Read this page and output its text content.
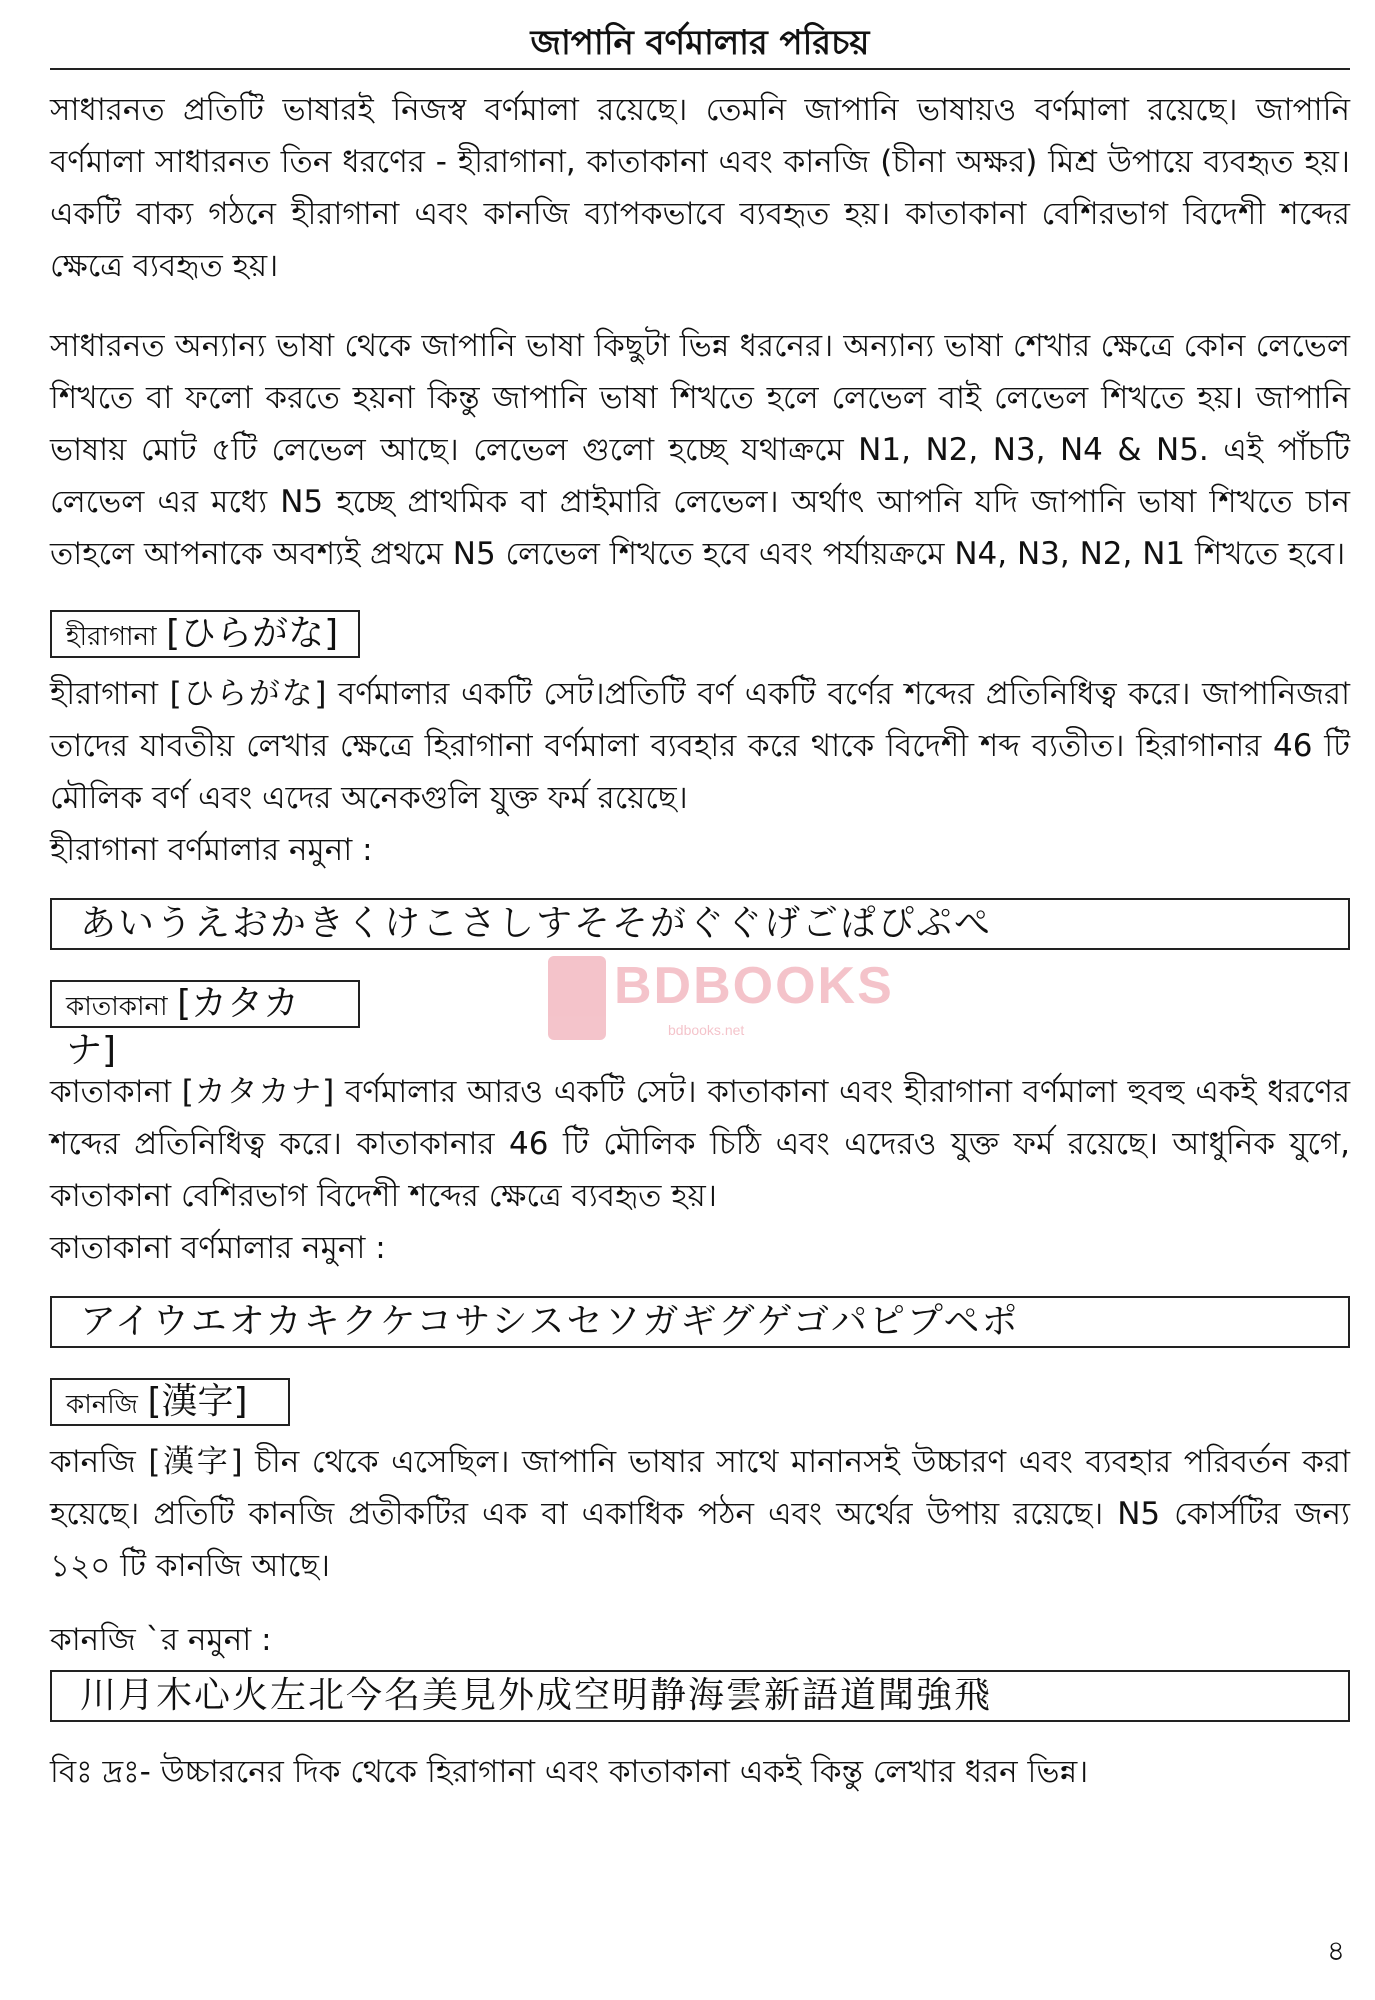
জাপানি বর্ণমালার পরিচয়

সাধারনত প্রতিটি ভাষারই নিজস্ব বর্ণমালা রয়েছে। তেমনি জাপানি ভাষায়ও বর্ণমালা রয়েছে। জাপানি বর্ণমালা সাধারনত তিন ধরণের - হীরাগানা, কাতাকানা এবং কানজি (চীনা অক্ষর) মিশ্র উপায়ে ব্যবহৃত হয়। একটি বাক্য গঠনে হীরাগানা এবং কানজি ব্যাপকভাবে ব্যবহৃত হয়। কাতাকানা বেশিরভাগ বিদেশী শব্দের ক্ষেত্রে ব্যবহৃত হয়।

সাধারনত অন্যান্য ভাষা থেকে জাপানি ভাষা কিছুটা ভিন্ন ধরনের। অন্যান্য ভাষা শেখার ক্ষেত্রে কোন লেভেল শিখতে বা ফলো করতে হয়না কিন্তু জাপানি ভাষা শিখতে হলে লেভেল বাই লেভেল শিখতে হয়। জাপানি ভাষায় মোট ৫টি লেভেল আছে। লেভেল গুলো হচ্ছে যথাক্রমে N1, N2, N3, N4 & N5. এই পাঁচটি লেভেল এর মধ্যে N5 হচ্ছে প্রাথমিক বা প্রাইমারি লেভেল। অর্থাৎ আপনি যদি জাপানি ভাষা শিখতে চান তাহলে আপনাকে অবশ্যই প্রথমে N5 লেভেল শিখতে হবে এবং পর্যায়ক্রমে N4, N3, N2, N1 শিখতে হবে।

হীরাগানা [ひらがな]

হীরাগানা [ひらがな] বর্ণমালার একটি সেট।প্রতিটি বর্ণ একটি বর্ণের শব্দের প্রতিনিধিত্ব করে। জাপানিজরা তাদের যাবতীয় লেখার ক্ষেত্রে হিরাগানা বর্ণমালা ব্যবহার করে থাকে বিদেশী শব্দ ব্যতীত। হিরাগানার 46 টি মৌলিক বর্ণ এবং এদের অনেকগুলি যুক্ত ফর্ম রয়েছে।

হীরাগানা বর্ণমালার নমুনা :
あいうえおかきくけこさしすそそがぐぐげごぱぴぷぺ
কাতাকানা [カタカナ]

কাতাকানা [カタカナ] বর্ণমালার আরও একটি সেট। কাতাকানা এবং হীরাগানা বর্ণমালা হুবহু একই ধরণের শব্দের প্রতিনিধিত্ব করে। কাতাকানার 46 টি মৌলিক চিঠি এবং এদেরও যুক্ত ফর্ম রয়েছে। আধুনিক যুগে, কাতাকানা বেশিরভাগ বিদেশী শব্দের ক্ষেত্রে ব্যবহৃত হয়।

কাতাকানা বর্ণমালার নমুনা :
アイウエオカキクケコサシスセソガギグゲゴパピプペポ
কানজি [漢字]

কানজি [漢字] চীন থেকে এসেছিল। জাপানি ভাষার সাথে মানানসই উচ্চারণ এবং ব্যবহার পরিবর্তন করা হয়েছে। প্রতিটি কানজি প্রতীকটির এক বা একাধিক পঠন এবং অর্থের উপায় রয়েছে। N5 কোর্সটির জন্য ১২০ টি কানজি আছে।

কানজি `র নমুনা :
川月木心火左北今名美見外成空明静海雲新語道聞強飛
বিঃ দ্রঃ- উচ্চারনের দিক থেকে হিরাগানা এবং কাতাকানা একই কিন্তু লেখার ধরন ভিন্ন।
BDBOOKS
bdbooks.net
৪
